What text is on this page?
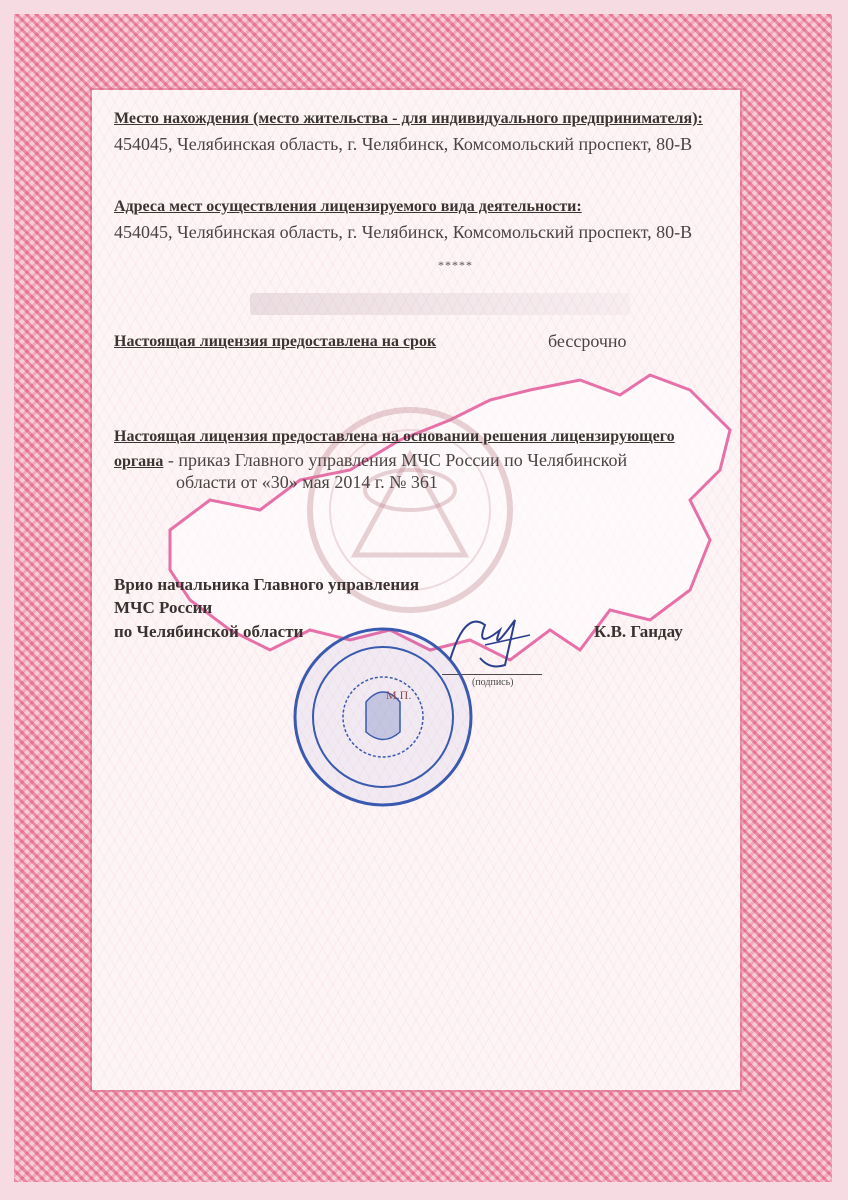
Место нахождения (место жительства - для индивидуального предпринимателя):
454045, Челябинская область, г. Челябинск, Комсомольский проспект, 80-В
Адреса мест осуществления лицензируемого вида деятельности:
454045, Челябинская область, г. Челябинск, Комсомольский проспект, 80-В
*****
Настоящая лицензия предоставлена на срок	бессрочно
Настоящая лицензия предоставлена на основании решения лицензирующего
органа - приказ Главного управления МЧС России по Челябинской
области от «30» мая 2014 г. № 361
Врио начальника Главного управления
МЧС России
по Челябинской области	К.В. Гандау
(подпись)
М.П.
